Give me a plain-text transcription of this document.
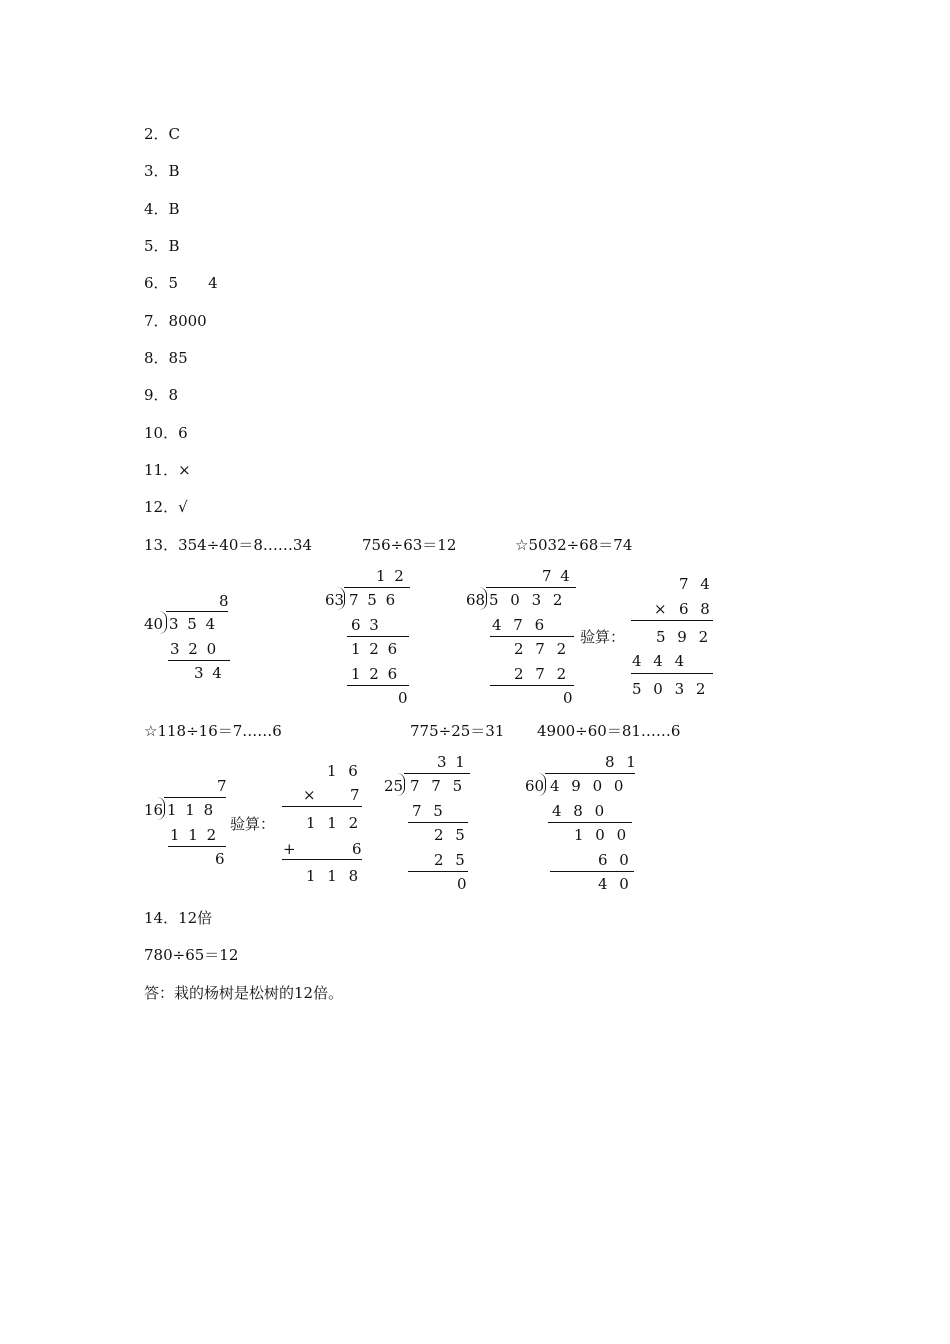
2．C
3．B
4．B
5．B
6．5　　4
7．8000
8．85
9．8
10．6
11．×
12．√
13．354÷40＝8……34	756÷63＝12	☆5032÷68＝74
8
40 3 5 4
3 2 0
3 4
1 2
63 7 5 6
6 3
1 2 6
1 2 6
0
7 4
68 5 0 3 2
4 7 6
2 7 2
2 7 2
0
验算：
7 4
× 6 8
5 9 2
4 4 4
5 0 3 2
☆118÷16＝7……6	775÷25＝31 4900÷60＝81……6
7
16 1 1 8
1 1 2
6
验算：
1 6
× 7
1 1 2
+	6
1 1 8
3 1
25 7 7 5
7 5
2 5
2 5
0
8 1
60 4 9 0 0
4 8 0
1 0 0
6 0
4 0
14．12倍
780÷65＝12
答：栽的杨树是松树的12倍。
